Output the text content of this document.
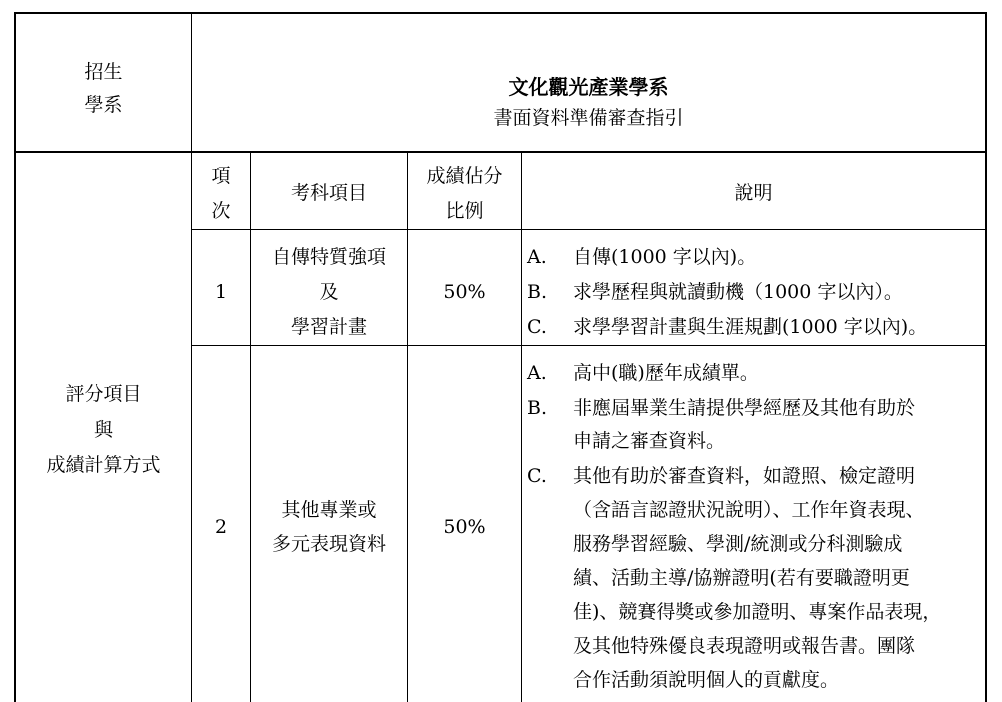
招生
學系
文化觀光產業學系
書面資料準備審查指引
評分項目
與
成績計算方式
項
次
考科項目
成績佔分
比例
說明
1
自傳特質強項
及
學習計畫
50%
A. 自傳(1000 字以內)。
B. 求學歷程與就讀動機（1000 字以內）。
C. 求學學習計畫與生涯規劃(1000 字以內)。
2
其他專業或
多元表現資料
50%
A. 高中(職)歷年成績單。
B. 非應屆畢業生請提供學經歷及其他有助於
申請之審查資料。
C. 其他有助於審查資料，如證照、檢定證明
（含語言認證狀況說明）、工作年資表現、
服務學習經驗、學測/統測或分科測驗成
績、活動主導/協辦證明(若有要職證明更
佳)、競賽得獎或參加證明、專案作品表現，
及其他特殊優良表現證明或報告書。團隊
合作活動須說明個人的貢獻度。
